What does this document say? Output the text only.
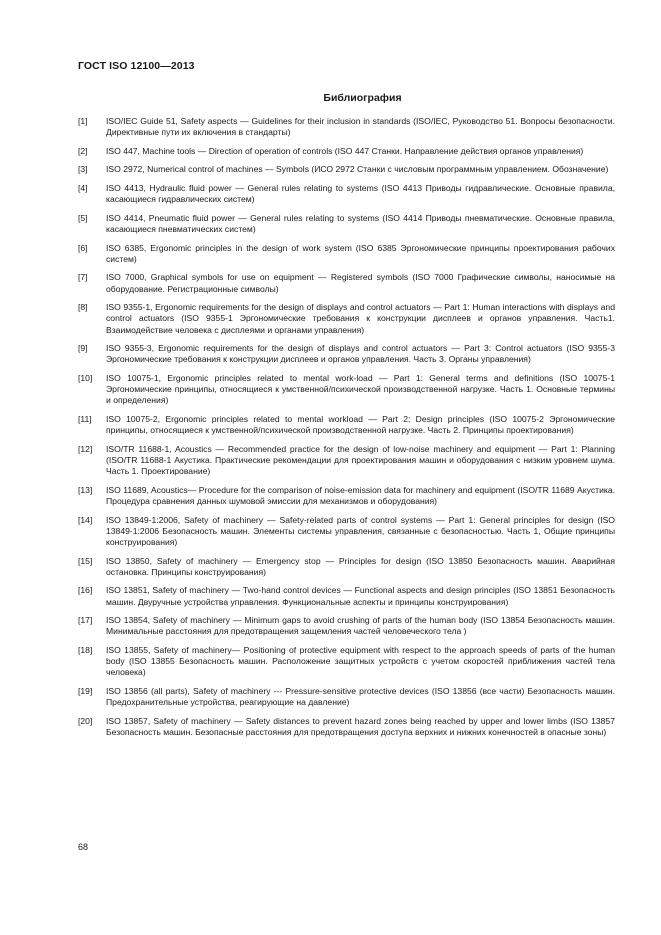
ГОСТ ISO 12100—2013
Библиография
[1]	ISO/IEC Guide 51, Safety aspects — Guidelines for their inclusion in standards (ISO/IEC, Руководство 51. Вопросы безопасности. Директивные пути их включения в стандарты)
[2]	ISO 447, Machine tools — Direction of operation of controls (ISO 447 Станки. Направление действия органов управления)
[3]	ISO 2972, Numerical control of machines — Symbols (ИСО 2972 Станки с числовым программным управлением. Обозначение)
[4]	ISO 4413, Hydraulic fluid power — General rules relating to systems (ISO 4413 Приводы гидравлические. Основные правила, касающиеся гидравлических систем)
[5]	ISO 4414, Pneumatic fluid power — General rules relating to systems (ISO 4414 Приводы пневматические. Основные правила, касающиеся пневматических систем)
[6]	ISO 6385, Ergonomic principles in the design of work system (ISO 6385 Эргономические принципы проектирования рабочих систем)
[7]	ISO 7000, Graphical symbols for use on equipment — Registered symbols (ISO 7000 Графические символы, наносимые на оборудование. Регистрационные символы)
[8]	ISO 9355-1, Ergonomic requirements for the design of displays and control actuators — Part 1: Human interactions with displays and control actuators (ISO 9355-1 Эргономические требования к конструкции дисплеев и органов управления. Часть1. Взаимодействие человека с дисплеями и органами управления)
[9]	ISO 9355-3, Ergonomic requirements for the design of displays and control actuators — Part 3: Control actuators (ISO 9355-3 Эргономические требования к конструкции дисплеев и органов управления. Часть 3. Органы управления)
[10]	ISO 10075-1, Ergonomic principles related to mental work-load — Part 1: General terms and definitions (ISO 10075-1 Эргономические принципы, относящиеся к умственной/психической производственной нагрузке. Часть 1. Основные термины и определения)
[11]	ISO 10075-2, Ergonomic principles related to mental workload — Part 2: Design principles (ISO 10075-2 Эргономические принципы, относящиеся к умственной/психической производственной нагрузке. Часть 2. Принципы проектирования)
[12]	ISO/TR 11688-1, Acoustics — Recommended practice for the design of low-noise machinery and equipment — Part 1: Planning (ISO/TR 11688-1 Акустика. Практические рекомендации для проектирования машин и оборудования с низким уровнем шума. Часть 1. Проектирование)
[13]	ISO 11689, Acoustics— Procedure for the comparison of noise-emission data for machinery and equipment (ISO/TR 11689 Акустика. Процедура сравнения данных шумовой эмиссии для механизмов и оборудования)
[14]	ISO 13849-1:2006, Safety of machinery — Safety-related parts of control systems — Part 1: General principles for design (ISO 13849-1:2006 Безопасность машин. Элементы системы управления, связанные с безопасностью. Часть 1, Общие принципы конструирования)
[15]	ISO 13850, Safety of machinery — Emergency stop — Principles for design (ISO 13850 Безопасность машин. Аварийная остановка. Принципы конструирования)
[16]	ISO 13851, Safety of machinery — Two-hand control devices — Functional aspects and design principles (ISO 13851 Безопасность машин. Двуручные устройства управления. Функциональные аспекты и принципы конструирования)
[17]	ISO 13854, Safety of machinery — Minimum gaps to avoid crushing of parts of the human body (ISO 13854 Безопасность машин. Минимальные расстояния для предотвращения защемления частей человеческого тела )
[18]	ISO 13855, Safety of machinery— Positioning of protective equipment with respect to the approach speeds of parts of the human body (ISO 13855 Безопасность машин. Расположение защитных устройств с учетом скоростей приближения частей тела человека)
[19]	ISO 13856 (all parts), Safety of machinery --- Pressure-sensitive protective devices (ISO 13856 (все части) Безопасность машин. Предохранительные устройства, реагирующие на давление)
[20]	ISO 13857, Safety of machinery — Safety distances to prevent hazard zones being reached by upper and lower limbs (ISO 13857 Безопасность машин. Безопасные расстояния для предотвращения доступа верхних и нижних конечностей в опасные зоны)
68
